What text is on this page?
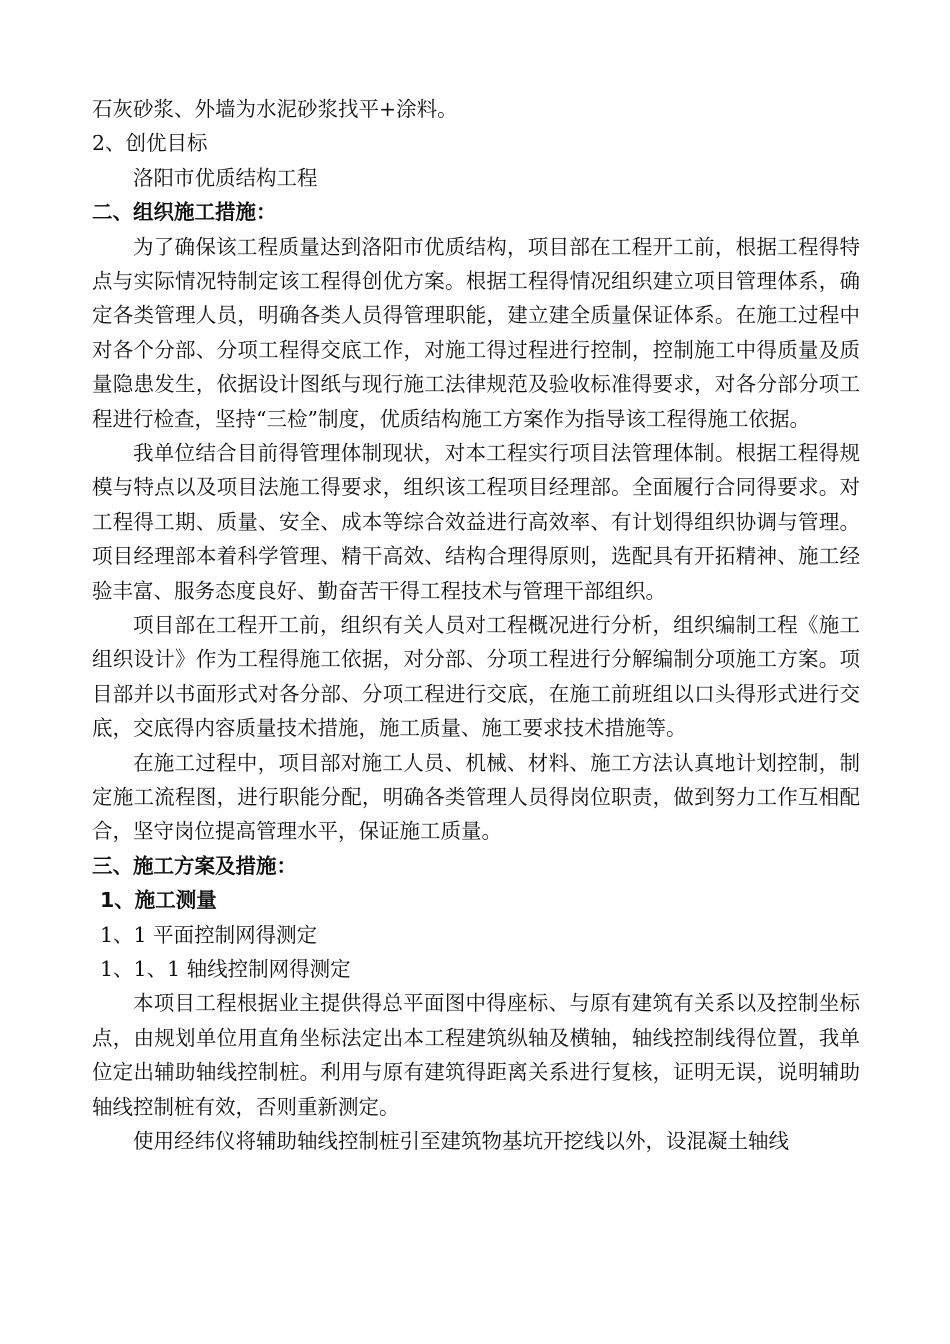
石灰砂浆、外墙为水泥砂浆找平+涂料。
2、创优目标
洛阳市优质结构工程
二、组织施工措施：

为了确保该工程质量达到洛阳市优质结构，项目部在工程开工前，根据工程得特点与实际情况特制定该工程得创优方案。根据工程得情况组织建立项目管理体系，确定各类管理人员，明确各类人员得管理职能，建立建全质量保证体系。在施工过程中对各个分部、分项工程得交底工作，对施工得过程进行控制，控制施工中得质量及质量隐患发生，依据设计图纸与现行施工法律规范及验收标准得要求，对各分部分项工程进行检查，坚持“三检”制度，优质结构施工方案作为指导该工程得施工依据。

我单位结合目前得管理体制现状，对本工程实行项目法管理体制。根据工程得规模与特点以及项目法施工得要求，组织该工程项目经理部。全面履行合同得要求。对工程得工期、质量、安全、成本等综合效益进行高效率、有计划得组织协调与管理。项目经理部本着科学管理、精干高效、结构合理得原则，选配具有开拓精神、施工经验丰富、服务态度良好、勤奋苦干得工程技术与管理干部组织。

项目部在工程开工前，组织有关人员对工程概况进行分析，组织编制工程《施工组织设计》作为工程得施工依据，对分部、分项工程进行分解编制分项施工方案。项目部并以书面形式对各分部、分项工程进行交底，在施工前班组以口头得形式进行交底，交底得内容质量技术措施，施工质量、施工要求技术措施等。

在施工过程中，项目部对施工人员、机械、材料、施工方法认真地计划控制，制定施工流程图，进行职能分配，明确各类管理人员得岗位职责，做到努力工作互相配合，坚守岗位提高管理水平，保证施工质量。

三、施工方案及措施：
1、施工测量
1、1 平面控制网得测定
1、1、1 轴线控制网得测定

本项目工程根据业主提供得总平面图中得座标、与原有建筑有关系以及控制坐标点，由规划单位用直角坐标法定出本工程建筑纵轴及横轴，轴线控制线得位置，我单位定出辅助轴线控制桩。利用与原有建筑得距离关系进行复核，证明无误，说明辅助轴线控制桩有效，否则重新测定。

使用经纬仪将辅助轴线控制桩引至建筑物基坑开挖线以外，设混凝土轴线
